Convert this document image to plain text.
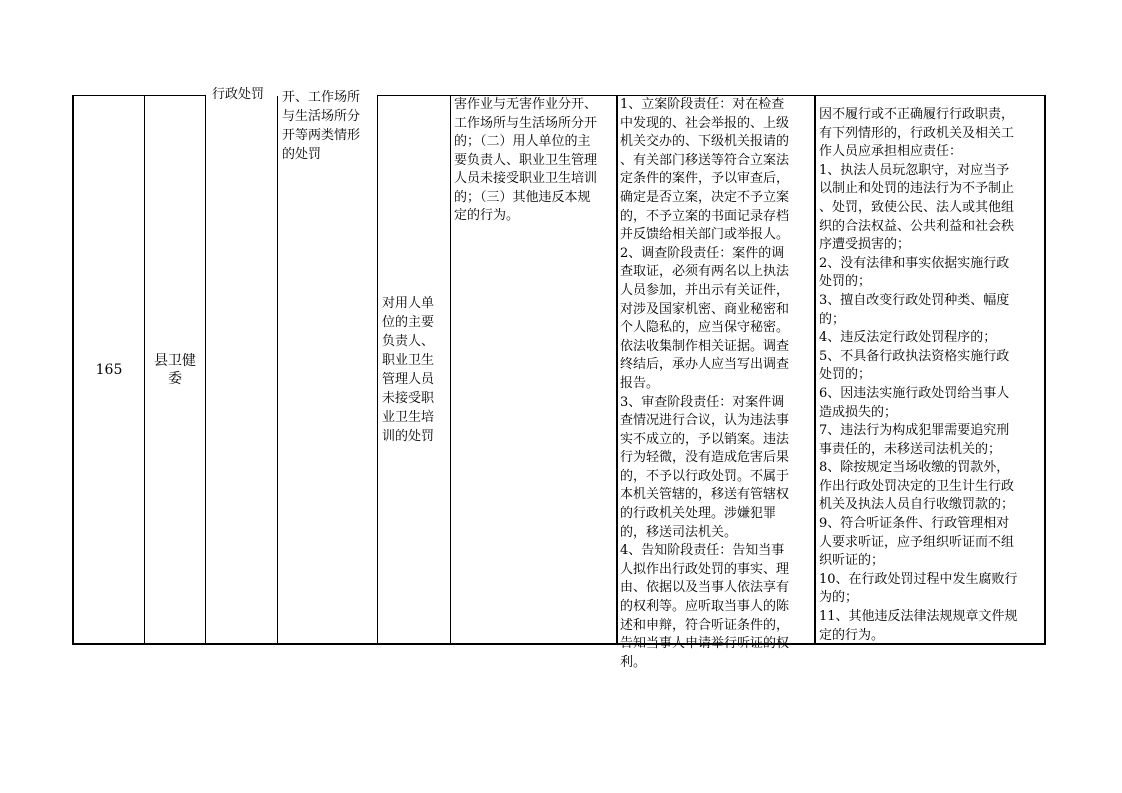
165
县卫健
委
行政处罚 开、工作场所
与生活场所分
开等两类情形
的处罚
对用人单
位的主要
负责人、
职业卫生
管理人员
未接受职
业卫生培
训的处罚
害作业与无害作业分开、
工作场所与生活场所分开
的；（二）用人单位的主
要负责人、职业卫生管理
人员未接受职业卫生培训
的；（三）其他违反本规
定的行为。
1、立案阶段责任：对在检查
中发现的、社会举报的、上级
机关交办的、下级机关报请的
、有关部门移送等符合立案法
定条件的案件，予以审查后，
确定是否立案，决定不予立案
的，不予立案的书面记录存档
并反馈给相关部门或举报人。
2、调查阶段责任：案件的调
查取证，必须有两名以上执法
人员参加，并出示有关证件，
对涉及国家机密、商业秘密和
个人隐私的，应当保守秘密。
依法收集制作相关证据。调查
终结后，承办人应当写出调查
报告。
3、审查阶段责任：对案件调
查情况进行合议，认为违法事
实不成立的，予以销案。违法
行为轻微，没有造成危害后果
的，不予以行政处罚。不属于
本机关管辖的，移送有管辖权
的行政机关处理。涉嫌犯罪
的，移送司法机关。
4、告知阶段责任：告知当事
人拟作出行政处罚的事实、理
由、依据以及当事人依法享有
的权利等。应听取当事人的陈
述和申辩，符合听证条件的，
告知当事人申请举行听证的权
利。
因不履行或不正确履行行政职责，
有下列情形的，行政机关及相关工
作人员应承担相应责任：
1、执法人员玩忽职守，对应当予
以制止和处罚的违法行为不予制止
、处罚，致使公民、法人或其他组
织的合法权益、公共利益和社会秩
序遭受损害的；
2、没有法律和事实依据实施行政
处罚的；
3、擅自改变行政处罚种类、幅度
的；
4、违反法定行政处罚程序的；
5、不具备行政执法资格实施行政
处罚的；
6、因违法实施行政处罚给当事人
造成损失的；
7、违法行为构成犯罪需要追究刑
事责任的，未移送司法机关的；
8、除按规定当场收缴的罚款外，
作出行政处罚决定的卫生计生行政
机关及执法人员自行收缴罚款的；
9、符合听证条件、行政管理相对
人要求听证，应予组织听证而不组
织听证的；
10、在行政处罚过程中发生腐败行
为的；
11、其他违反法律法规规章文件规
定的行为。
